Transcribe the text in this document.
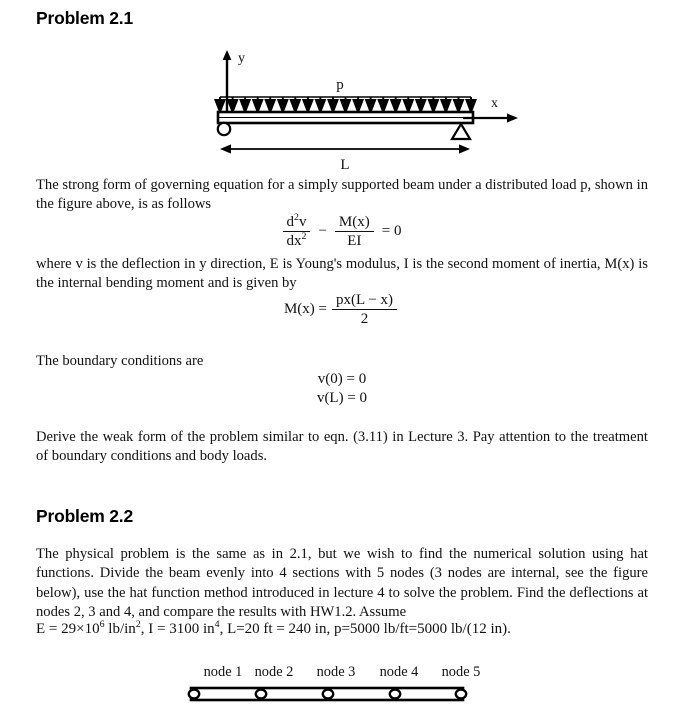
Problem 2.1
y
p
x
L
The strong form of governing equation for a simply supported beam under a distributed load p, shown in the figure above, is as follows
$\frac{d^2v}{dx^2} - \frac{M(x)}{EI} = 0$
where v is the deflection in y direction, E is Young's modulus, I is the second moment of inertia, M(x) is the internal bending moment and is given by
$M(x) = \frac{px(L - x)}{2}$
The boundary conditions are
v(0) = 0
v(L) = 0
Derive the weak form of the problem similar to eqn. (3.11) in Lecture 3. Pay attention to the treatment of boundary conditions and body loads.
Problem 2.2
The physical problem is the same as in 2.1, but we wish to find the numerical solution using hat functions. Divide the beam evenly into 4 sections with 5 nodes (3 nodes are internal, see the figure below), use the hat function method introduced in lecture 4 to solve the problem. Find the deflections at nodes 2, 3 and 4, and compare the results with HW1.2. Assume
$E = 29\times 10^6$ $lb/in^2$, I = 3100 $in^4$, L=20 ft = 240 in, p=5000 lb/ft=5000 lb/(12 in).
node 1 node 2 node 3 node 4 node 5
